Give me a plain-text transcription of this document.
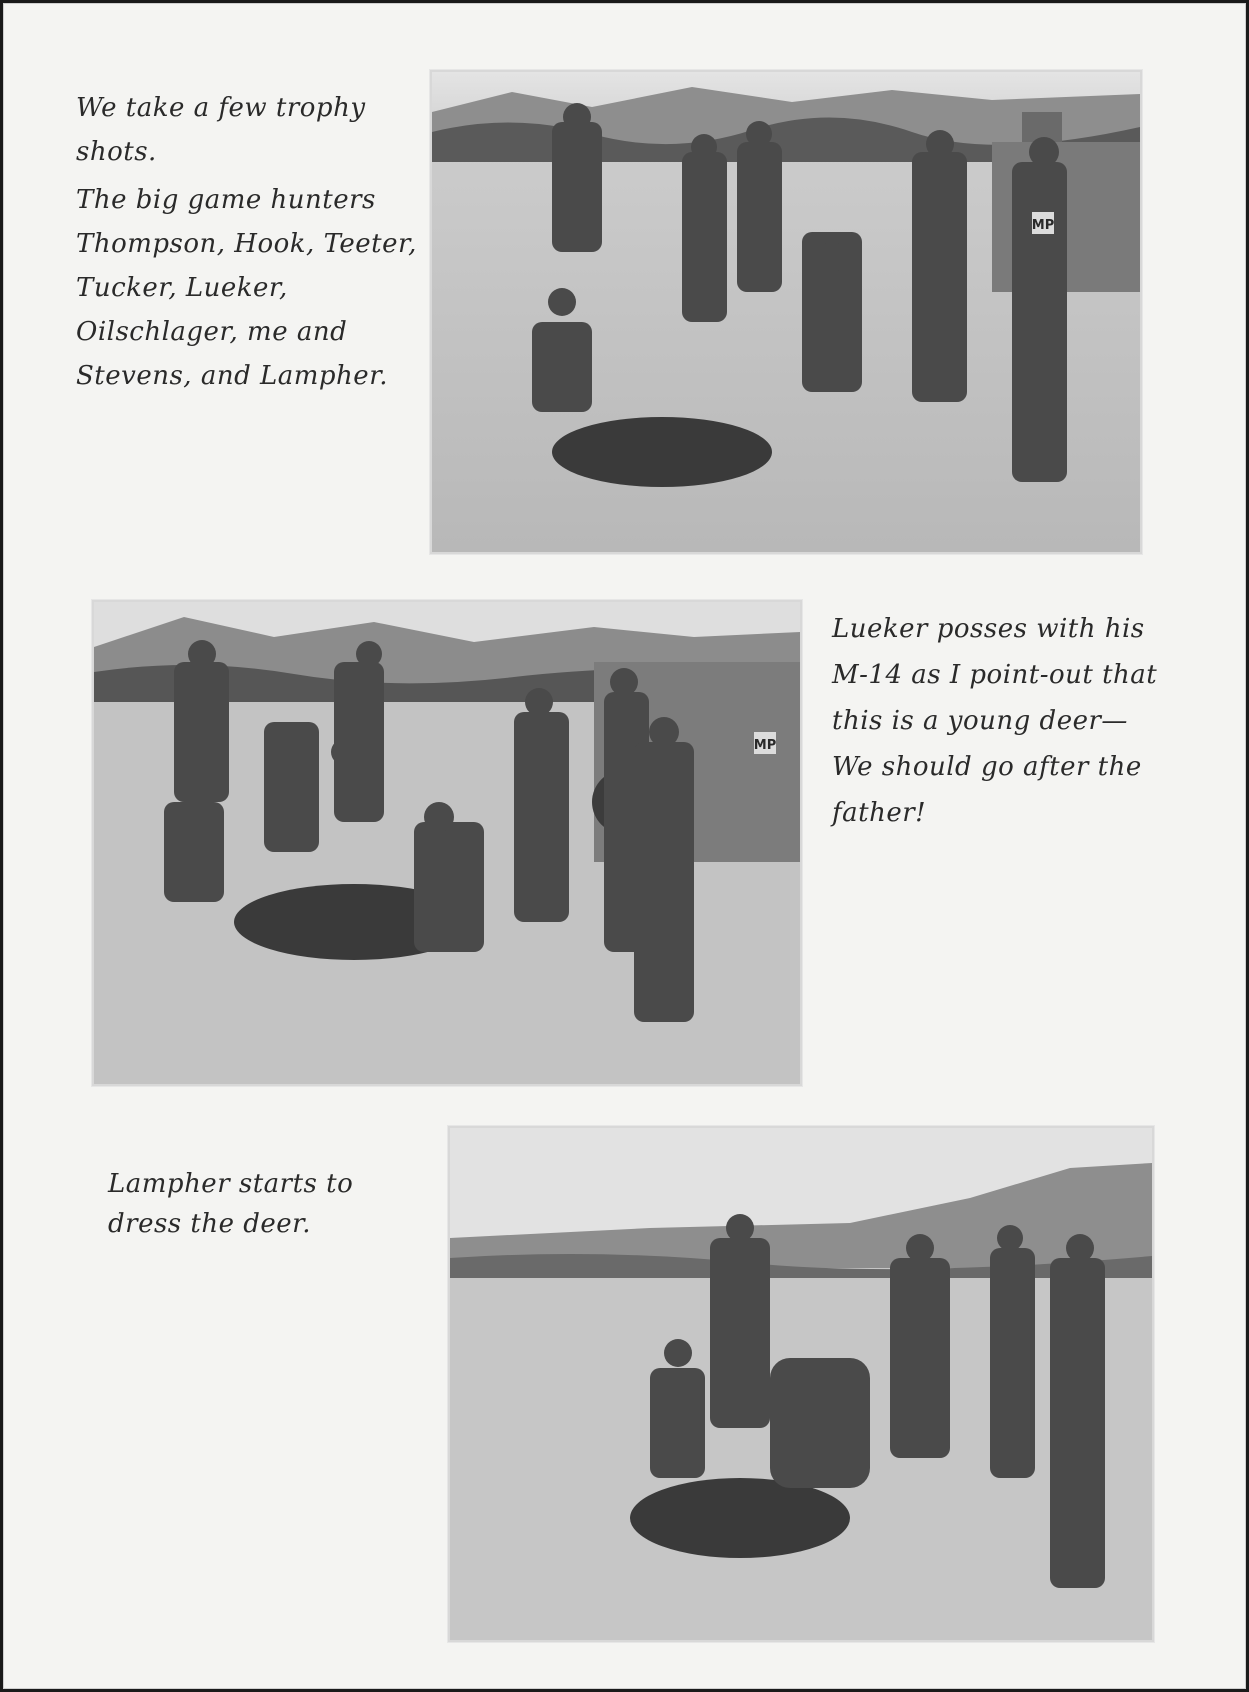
We take a few trophy
shots.
The big game hunters
Thompson, Hook, Teeter,
Tucker, Lueker,
Oilschlager, me and
Stevens, and Lampher.
MP
MP
Lueker posses with his
M-14 as I point-out that
this is a young deer—
We should go after the
father!
Lampher starts to
dress the deer.
